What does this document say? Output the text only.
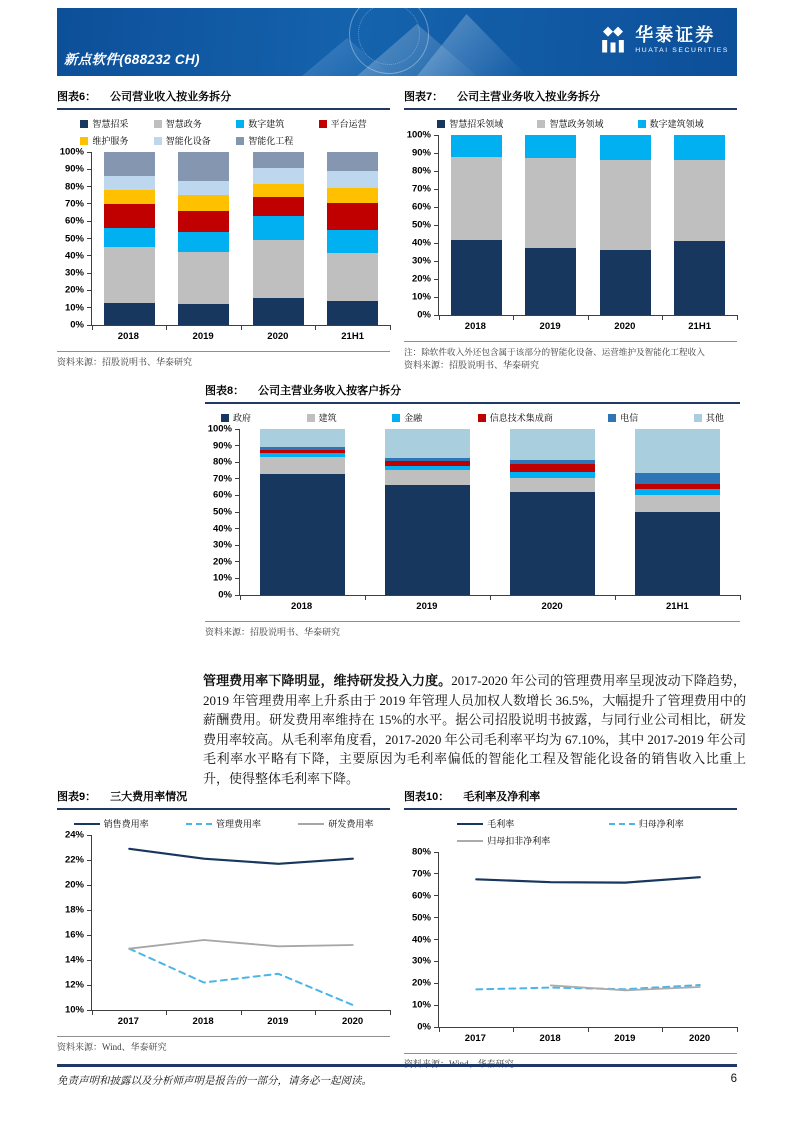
新点软件(688232 CH)
华泰证券
HUATAI SECURITIES
图表6： 公司营业收入按业务拆分
智慧招采	智慧政务	数字建筑	平台运营
维护服务	智能化设备	智能化工程
0%
10%
20%
30%
40%
50%
60%
70%
80%
90%
100%
2018	2019	2020	21H1
资料来源：招股说明书、华泰研究
图表7： 公司主营业务收入按业务拆分
智慧招采领域	智慧政务领域	数字建筑领域
0%
10%
20%
30%
40%
50%
60%
70%
80%
90%
100%
2018	2019	2020	21H1
注：除软件收入外还包含属于该部分的智能化设备、运营维护及智能化工程收入
资料来源：招股说明书、华泰研究
图表8： 公司主营业务收入按客户拆分
政府	建筑	金融	信息技术集成商	电信	其他
0%
10%
20%
30%
40%
50%
60%
70%
80%
90%
100%
2018	2019	2020	21H1
资料来源：招股说明书、华泰研究

管理费用率下降明显，维持研发投入力度。2017-2020 年公司的管理费用率呈现波动下降趋势，2019 年管理费用率上升系由于 2019 年管理人员加权人数增长 36.5%，大幅提升了管理费用中的薪酬费用。研发费用率维持在 15%的水平。据公司招股说明书披露，与同行业公司相比，研发费用率较高。从毛利率角度看，2017-2020 年公司毛利率平均为 67.10%，其中 2017-2019 年公司毛利率水平略有下降，主要原因为毛利率偏低的智能化工程及智能化设备的销售收入比重上升，使得整体毛利率下降。

图表9： 三大费用率情况
销售费用率	管理费用率	研发费用率
10%
12%
14%
16%
18%
20%
22%
24%
2017	2018	2019	2020
资料来源：Wind、华泰研究
图表10： 毛利率及净利率
毛利率	归母净利率
归母扣非净利率
0%
10%
20%
30%
40%
50%
60%
70%
80%
2017	2018	2019	2020
资料来源：Wind、华泰研究
免责声明和披露以及分析师声明是报告的一部分，请务必一起阅读。	6
